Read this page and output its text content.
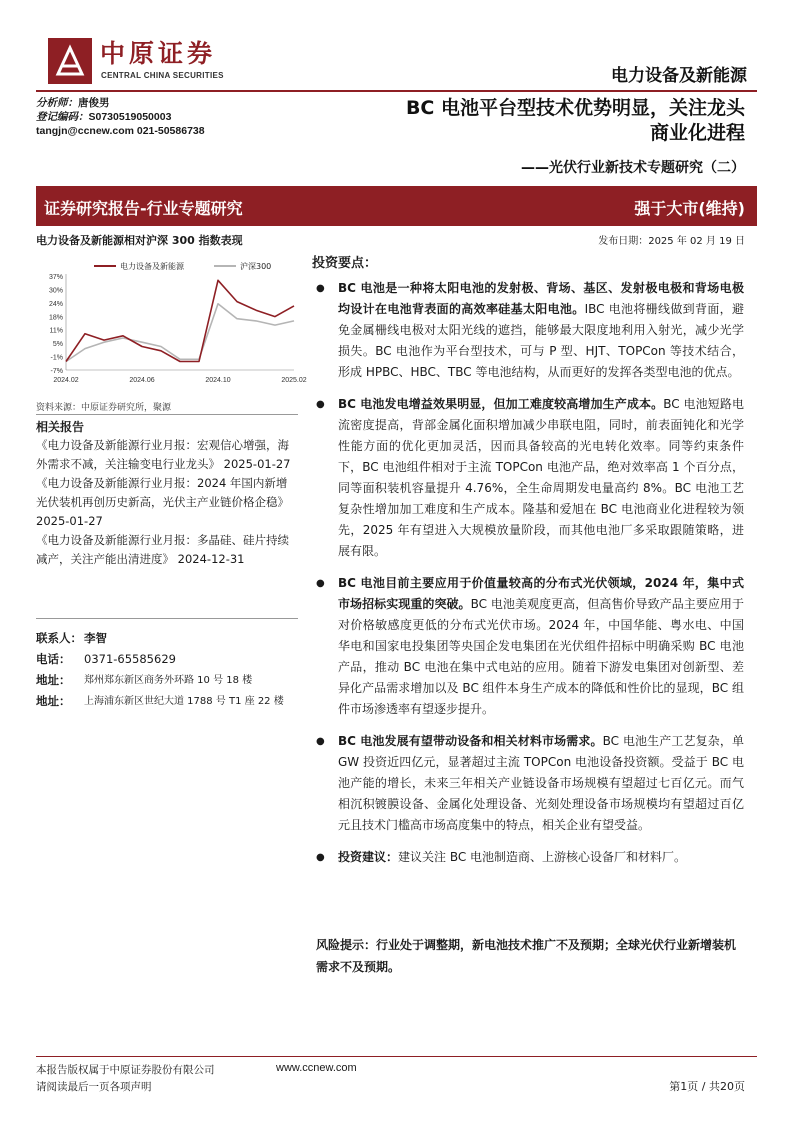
中原证券
CENTRAL CHINA SECURITIES	电力设备及新能源
分析师：唐俊男
登记编码：S0730519050003
tangjn@ccnew.com 021-50586738
BC 电池平台型技术优势明显，关注龙头
商业化进程
——光伏行业新技术专题研究（二）
证券研究报告-行业专题研究	强于大市(维持)
电力设备及新能源相对沪深 300 指数表现
37%
30%
24%
18%
11%
5%
-1%
-7%
2024.02	2024.06	2024.10	2025.02
电力设备及新能源	沪深300
资料来源：中原证券研究所，聚源
相关报告

《电力设备及新能源行业月报：宏观信心增强，海外需求不减，关注输变电行业龙头》 2025-01-27

《电力设备及新能源行业月报：2024 年国内新增光伏装机再创历史新高，光伏主产业链价格企稳》 2025-01-27

《电力设备及新能源行业月报：多晶硅、硅片持续减产，关注产能出清进度》 2024-12-31

联系人： 李智
电话：	0371-65585629
地址：	郑州郑东新区商务外环路 10 号 18 楼
地址：	上海浦东新区世纪大道 1788 号 T1 座 22 楼
发布日期：2025 年 02 月 19 日
投资要点：
● BC 电池是一种将太阳电池的发射极、背场、基区、发射极电极和背场电极均设计在电池背表面的高效率硅基太阳电池。IBC 电池将栅线做到背面，避免金属栅线电极对太阳光线的遮挡，能够最大限度地利用入射光，减少光学损失。BC 电池作为平台型技术，可与 P 型、HJT、TOPCon 等技术结合，形成 HPBC、HBC、TBC 等电池结构，从而更好的发挥各类型电池的优点。
● BC 电池发电增益效果明显，但加工难度较高增加生产成本。BC 电池短路电流密度提高，背部金属化面积增加减少串联电阻，同时，前表面钝化和光学性能方面的优化更加灵活，因而具备较高的光电转化效率。同等约束条件下，BC 电池组件相对于主流 TOPCon 电池产品，绝对效率高 1 个百分点，同等面积装机容量提升 4.76%，全生命周期发电量高约 8%。BC 电池工艺复杂性增加加工难度和生产成本。隆基和爱旭在 BC 电池商业化进程较为领先，2025 年有望进入大规模放量阶段，而其他电池厂多采取跟随策略，进展有限。
● BC 电池目前主要应用于价值量较高的分布式光伏领域，2024 年，集中式市场招标实现重的突破。BC 电池美观度更高，但高售价导致产品主要应用于对价格敏感度更低的分布式光伏市场。2024 年，中国华能、粤水电、中国华电和国家电投集团等央国企发电集团在光伏组件招标中明确采购 BC 电池产品，推动 BC 电池在集中式电站的应用。随着下游发电集团对创新型、差异化产品需求增加以及 BC 组件本身生产成本的降低和性价比的显现，BC 组件市场渗透率有望逐步提升。
● BC 电池发展有望带动设备和相关材料市场需求。BC 电池生产工艺复杂，单 GW 投资近四亿元，显著超过主流 TOPCon 电池设备投资额。受益于 BC 电池产能的增长，未来三年相关产业链设备市场规模有望超过七百亿元。而气相沉积镀膜设备、金属化处理设备、光刻处理设备市场规模均有望超过百亿元且技术门槛高市场高度集中的特点，相关企业有望受益。
● 投资建议：建议关注 BC 电池制造商、上游核心设备厂和材料厂。
风险提示：行业处于调整期，新电池技术推广不及预期；全球光伏行业新增装机需求不及预期。
本报告版权属于中原证券股份有限公司
请阅读最后一页各项声明
www.ccnew.com
第1页 / 共20页
